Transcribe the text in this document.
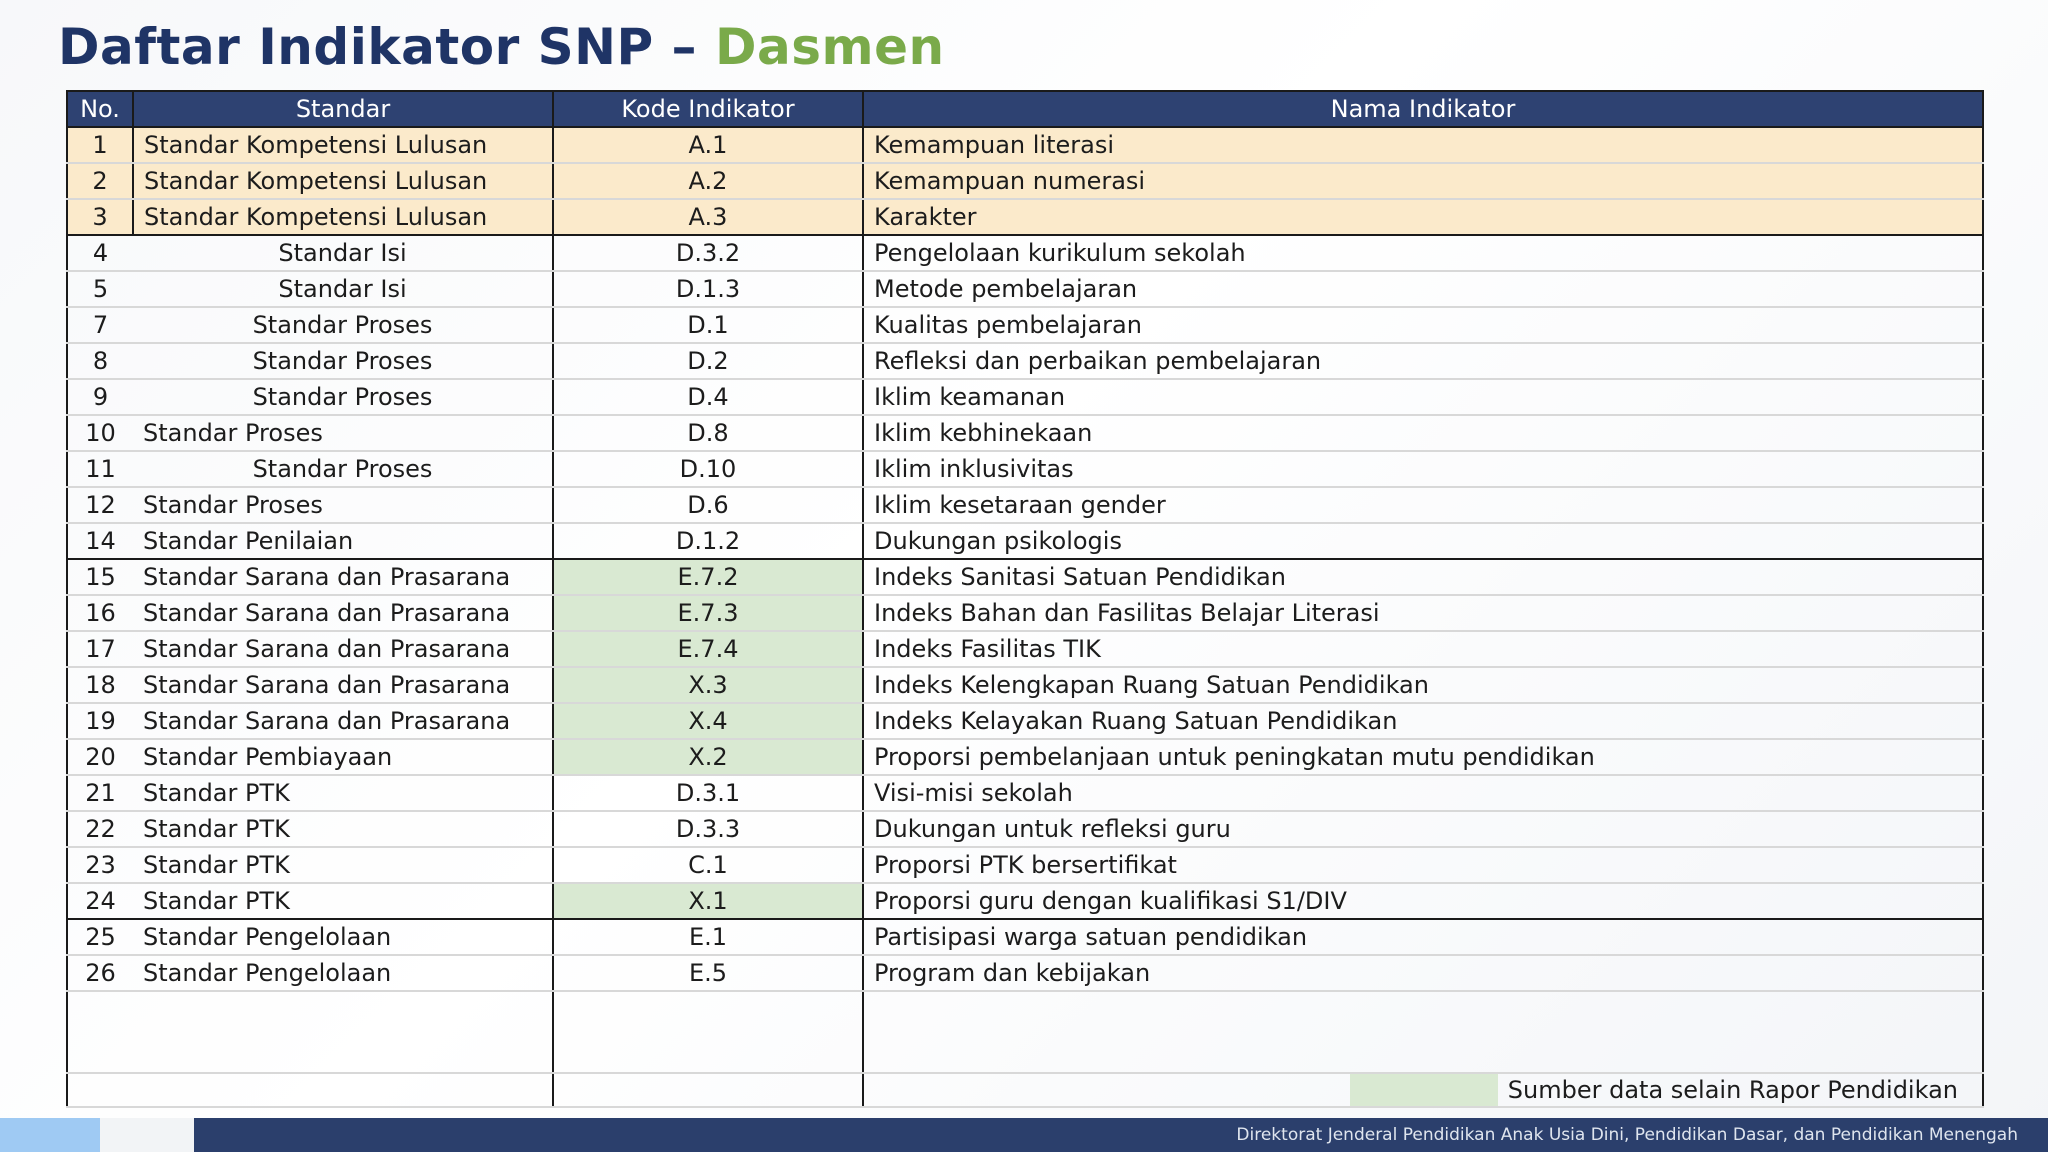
Daftar Indikator SNP – Dasmen
No.	Standar	Kode Indikator	Nama Indikator
1	Standar Kompetensi Lulusan	A.1	Kemampuan literasi
2	Standar Kompetensi Lulusan	A.2	Kemampuan numerasi
3	Standar Kompetensi Lulusan	A.3	Karakter
4	Standar Isi	D.3.2	Pengelolaan kurikulum sekolah
5	Standar Isi	D.1.3	Metode pembelajaran
7	Standar Proses	D.1	Kualitas pembelajaran
8	Standar Proses	D.2	Refleksi dan perbaikan pembelajaran
9	Standar Proses	D.4	Iklim keamanan
10	Standar Proses	D.8	Iklim kebhinekaan
11	Standar Proses	D.10	Iklim inklusivitas
12	Standar Proses	D.6	Iklim kesetaraan gender
14	Standar Penilaian	D.1.2	Dukungan psikologis
15	Standar Sarana dan Prasarana	E.7.2	Indeks Sanitasi Satuan Pendidikan
16	Standar Sarana dan Prasarana	E.7.3	Indeks Bahan dan Fasilitas Belajar Literasi
17	Standar Sarana dan Prasarana	E.7.4	Indeks Fasilitas TIK
18	Standar Sarana dan Prasarana	X.3	Indeks Kelengkapan Ruang Satuan Pendidikan
19	Standar Sarana dan Prasarana	X.4	Indeks Kelayakan Ruang Satuan Pendidikan
20	Standar Pembiayaan	X.2	Proporsi pembelanjaan untuk peningkatan mutu pendidikan
21	Standar PTK	D.3.1	Visi-misi sekolah
22	Standar PTK	D.3.3	Dukungan untuk refleksi guru
23	Standar PTK	C.1	Proporsi PTK bersertifikat
24	Standar PTK	X.1	Proporsi guru dengan kualifikasi S1/DIV
25	Standar Pengelolaan	E.1	Partisipasi warga satuan pendidikan
26	Standar Pengelolaan	E.5	Program dan kebijakan

			Sumber data selain Rapor Pendidikan
Direktorat Jenderal Pendidikan Anak Usia Dini, Pendidikan Dasar, dan Pendidikan Menengah
